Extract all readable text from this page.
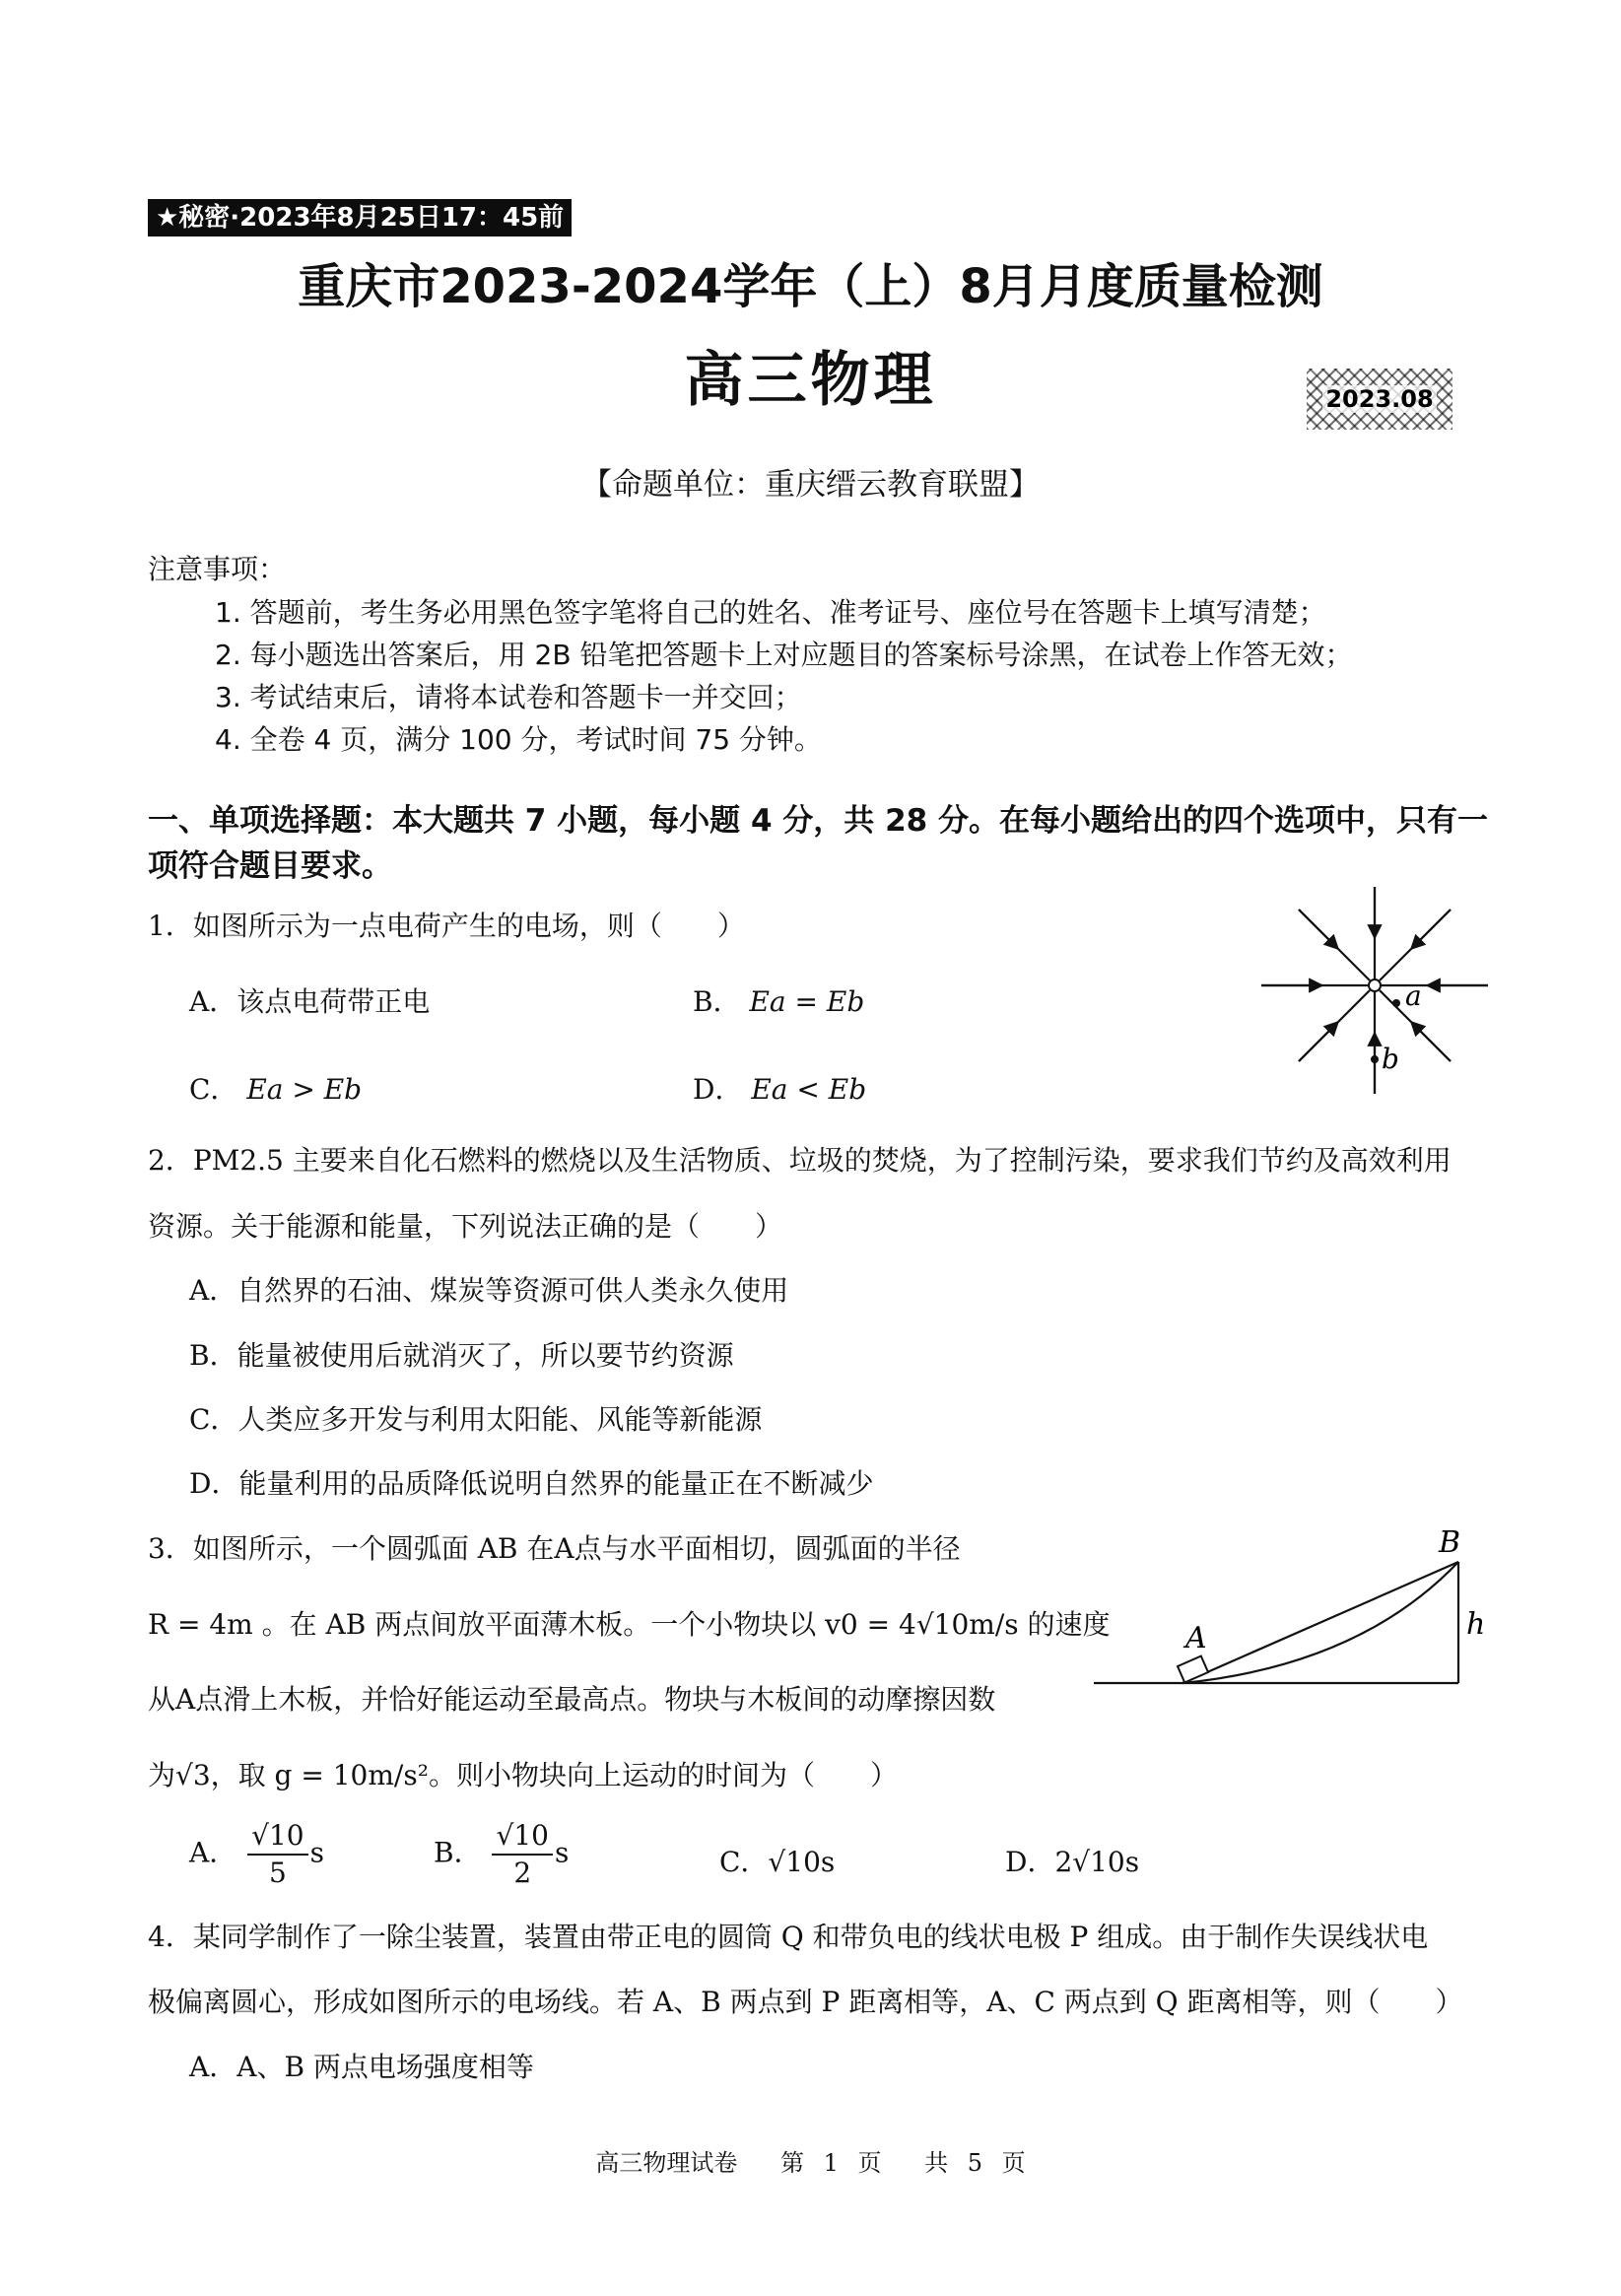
★秘密·2023年8月25日17：45前
重庆市2023-2024学年（上）8月月度质量检测
高三物理	2023.08
【命题单位：重庆缙云教育联盟】
注意事项：
1. 答题前，考生务必用黑色签字笔将自己的姓名、准考证号、座位号在答题卡上填写清楚；
2. 每小题选出答案后，用 2B 铅笔把答题卡上对应题目的答案标号涂黑，在试卷上作答无效；
3. 考试结束后，请将本试卷和答题卡一并交回；
4. 全卷 4 页，满分 100 分，考试时间 75 分钟。
一、单项选择题：本大题共 7 小题，每小题 4 分，共 28 分。在每小题给出的四个选项中，只有一项符合题目要求。
1．如图所示为一点电荷产生的电场，则（　　）
A．该点电荷带正电	B． Ea = Eb
C． Ea > Eb	D． Ea < Eb
a
b
2．PM2.5 主要来自化石燃料的燃烧以及生活物质、垃圾的焚烧，为了控制污染，要求我们节约及高效利用
资源。关于能源和能量，下列说法正确的是（　　）
A．自然界的石油、煤炭等资源可供人类永久使用
B．能量被使用后就消灭了，所以要节约资源
C．人类应多开发与利用太阳能、风能等新能源
D．能量利用的品质降低说明自然界的能量正在不断减少
3．如图所示，一个圆弧面 AB 在A点与水平面相切，圆弧面的半径
R = 4m 。在 AB 两点间放平面薄木板。一个小物块以 v0 = 4√10m/s 的速度
从A点滑上木板，并恰好能运动至最高点。物块与木板间的动摩擦因数
为√3，取 g = 10m/s²。则小物块向上运动的时间为（　　）
A． $\frac{√10}{5}$ s	B． $\frac{√10}{2}$ s	C．√10s	D．2√10s
A
B
h
4．某同学制作了一除尘装置，装置由带正电的圆筒 Q 和带负电的线状电极 P 组成。由于制作失误线状电
极偏离圆心，形成如图所示的电场线。若 A、B 两点到 P 距离相等，A、C 两点到 Q 距离相等，则（　　）
A．A、B 两点电场强度相等
高三物理试卷　 第 1 页　 共 5 页
